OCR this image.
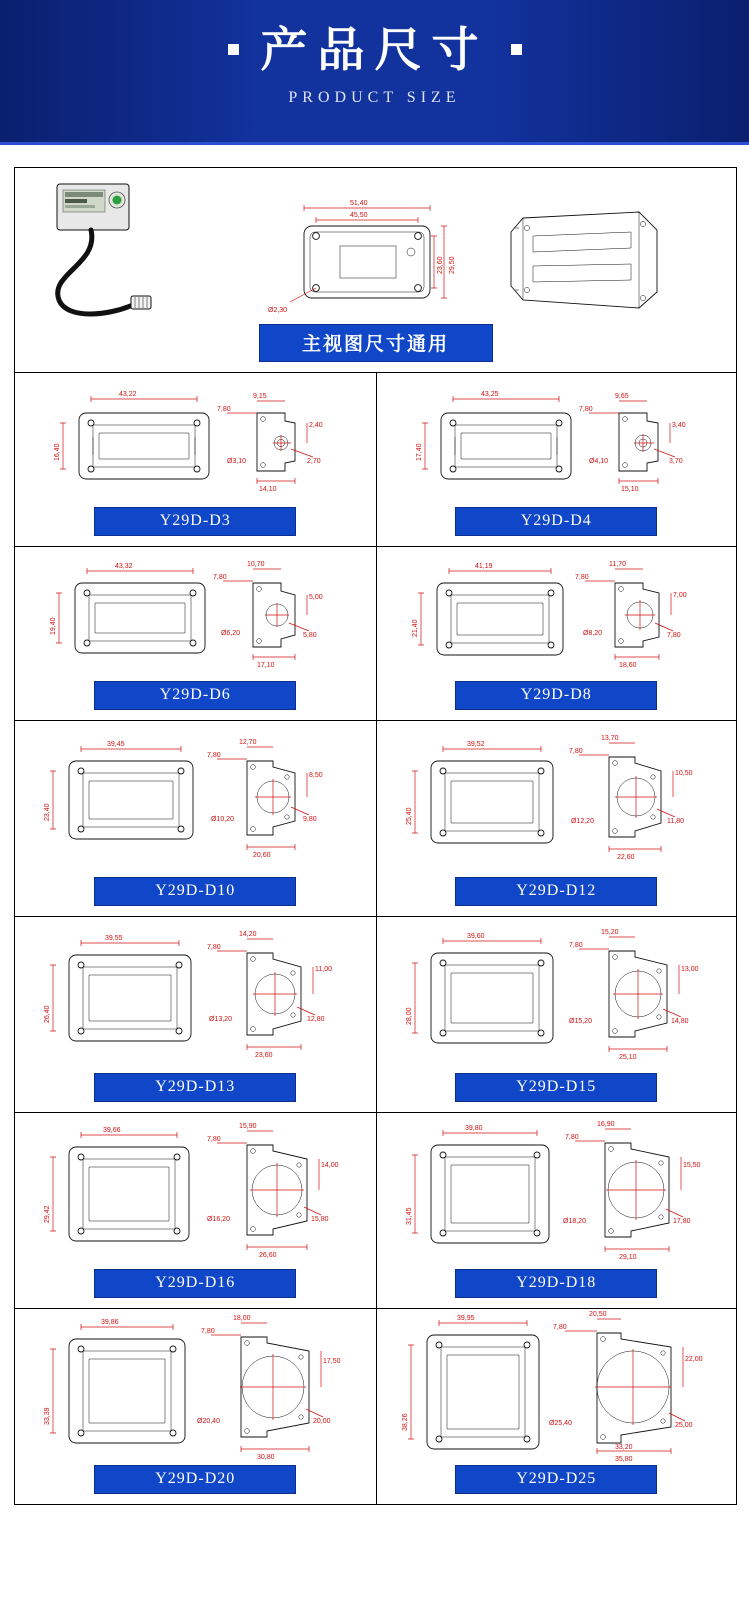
产品尺寸
PRODUCT SIZE
51,40
45,50
29,50
23,60
Ø2,30
主视图尺寸通用
43,22
16,40
9,15
7,80
2,40
2,70
Ø3,10
14,10
Y29D-D3
43,25
17,40
9,65
7,80
3,40
3,70
Ø4,10
15,10
Y29D-D4
43,32
19,40
10,70
7,80
5,00
5,80
Ø6,20
17,10
Y29D-D6
41,19
21,40
11,70
7,80
7,00
7,80
Ø8,20
18,60
Y29D-D8
39,45
23,40
12,70
7,80
8,50
9,80
Ø10,20
20,60
Y29D-D10
39,52
25,40
13,70
7,80
10,50
11,80
Ø12,20
22,60
Y29D-D12
39,55
26,40
14,20
7,80
11,00
12,80
Ø13,20
23,60
Y29D-D13
39,60
28,00
15,20
7,80
13,00
14,80
Ø15,20
25,10
Y29D-D15
39,66
29,42
15,90
7,80
14,00
15,80
Ø16,20
26,60
Y29D-D16
39,80
31,45
16,90
7,80
15,50
17,80
Ø18,20
29,10
Y29D-D18
39,86
33,39
18,00
7,80
17,50
20,00
Ø20,40
30,80
Y29D-D20
39,95
38,26
20,50
7,80
22,00
25,00
Ø25,40
33,20
35,80
Y29D-D25
